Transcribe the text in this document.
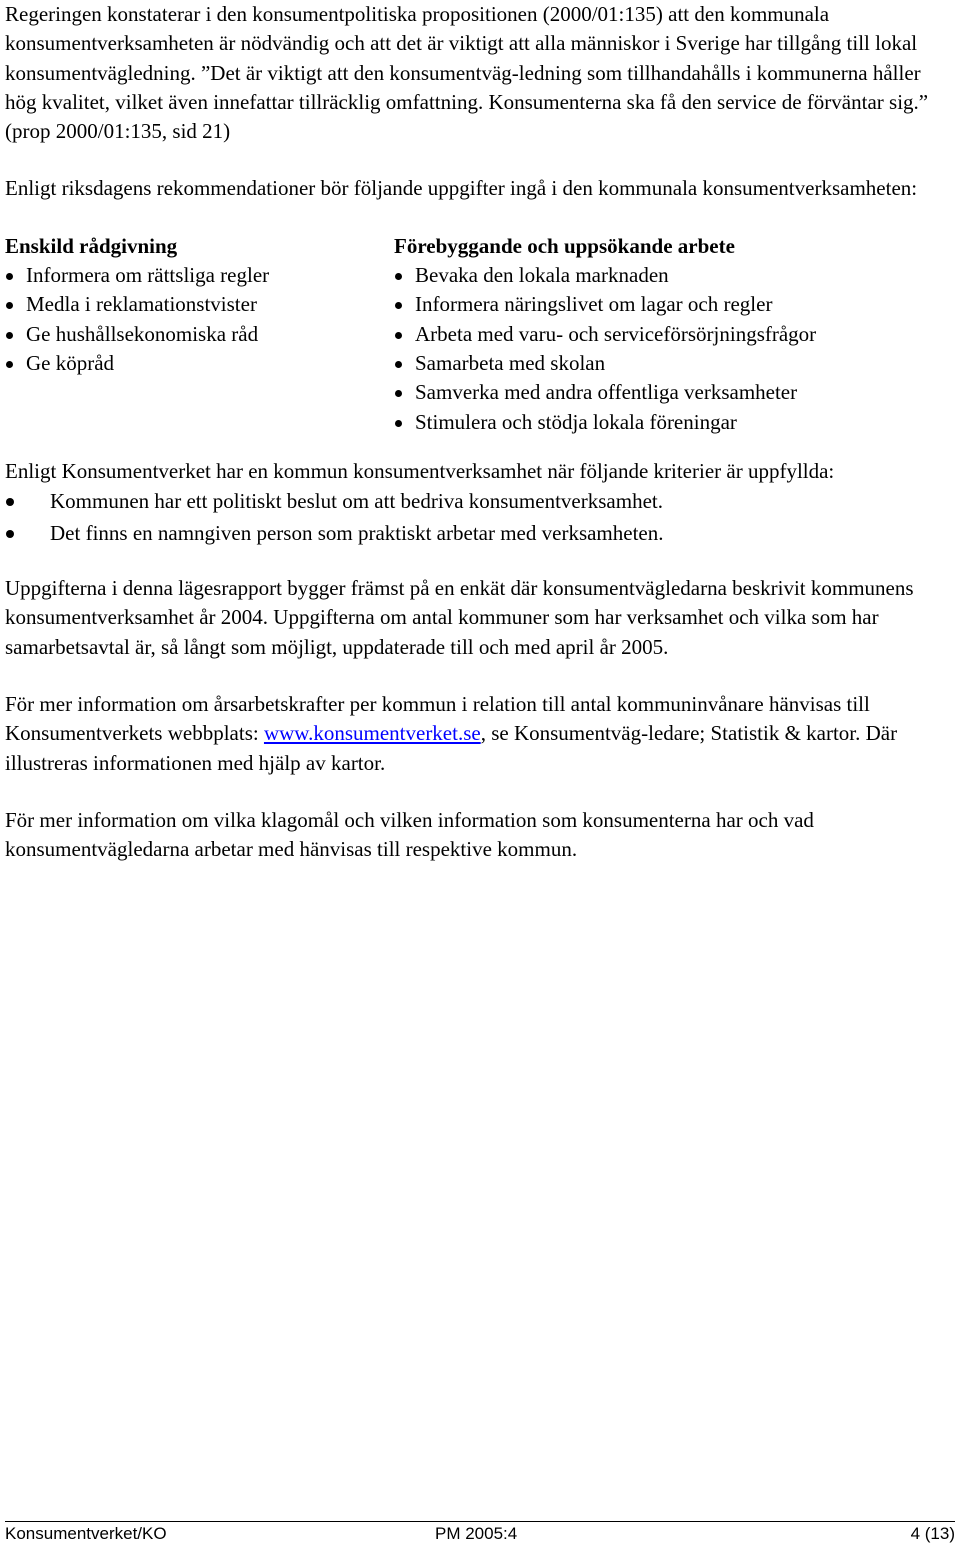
Regeringen konstaterar i den konsumentpolitiska propositionen (2000/01:135) att den kommunala konsumentverksamheten är nödvändig och att det är viktigt att alla människor i Sverige har tillgång till lokal konsumentvägledning. ”Det är viktigt att den konsumentväg-ledning som tillhandahålls i kommunerna håller hög kvalitet, vilket även innefattar tillräcklig omfattning. Konsumenterna ska få den service de förväntar sig.” (prop 2000/01:135, sid 21)

Enligt riksdagens rekommendationer bör följande uppgifter ingå i den kommunala konsumentverksamheten:

Enskild rådgivning
Informera om rättsliga regler
Medla i reklamationstvister
Ge hushållsekonomiska råd
Ge köpråd
Förebyggande och uppsökande arbete
Bevaka den lokala marknaden
Informera näringslivet om lagar och regler
Arbeta med varu- och serviceförsörjningsfrågor
Samarbeta med skolan
Samverka med andra offentliga verksamheter
Stimulera och stödja lokala föreningar

Enligt Konsumentverket har en kommun konsumentverksamhet när följande kriterier är uppfyllda:

Kommunen har ett politiskt beslut om att bedriva konsumentverksamhet.
Det finns en namngiven person som praktiskt arbetar med verksamheten.

Uppgifterna i denna lägesrapport bygger främst på en enkät där konsumentvägledarna beskrivit kommunens konsumentverksamhet år 2004. Uppgifterna om antal kommuner som har verksamhet och vilka som har samarbetsavtal är, så långt som möjligt, uppdaterade till och med april år 2005.

För mer information om årsarbetskrafter per kommun i relation till antal kommuninvånare hänvisas till Konsumentverkets webbplats: www.konsumentverket.se, se Konsumentväg-ledare; Statistik & kartor. Där illustreras informationen med hjälp av kartor.

För mer information om vilka klagomål och vilken information som konsumenterna har och vad konsumentvägledarna arbetar med hänvisas till respektive kommun.

Konsumentverket/KO	PM 2005:4	4 (13)
